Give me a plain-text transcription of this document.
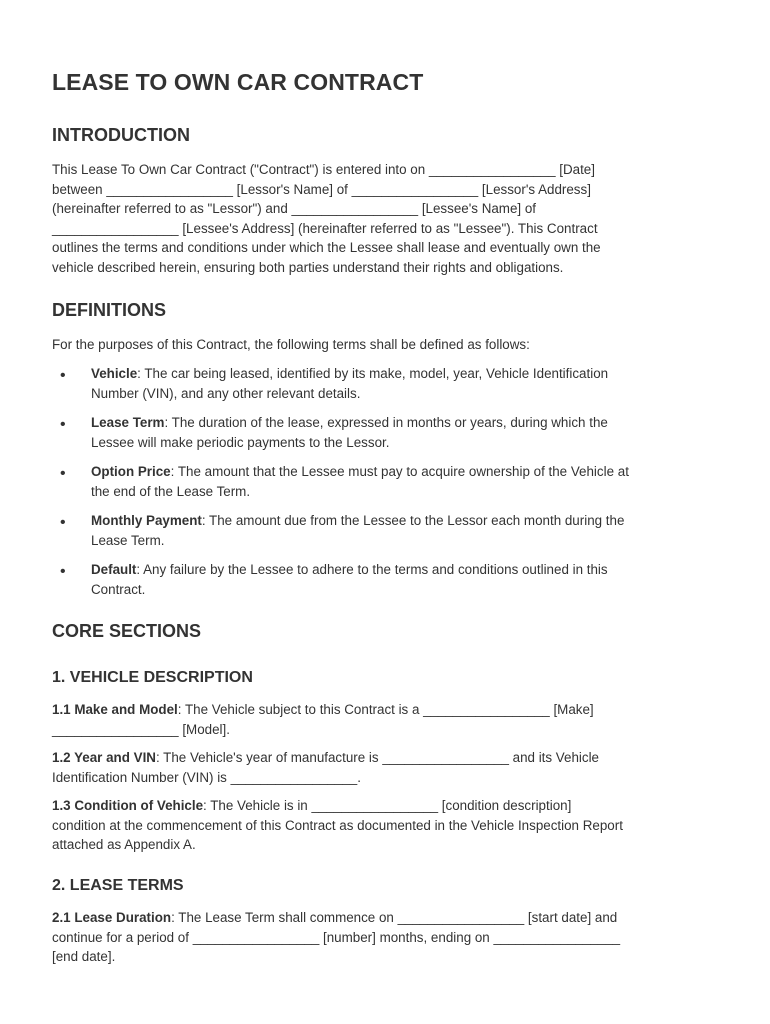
LEASE TO OWN CAR CONTRACT
INTRODUCTION

This Lease To Own Car Contract ("Contract") is entered into on _________________ [Date]
between _________________ [Lessor's Name] of _________________ [Lessor's Address]
(hereinafter referred to as "Lessor") and _________________ [Lessee's Name] of
_________________ [Lessee's Address] (hereinafter referred to as "Lessee"). This Contract
outlines the terms and conditions under which the Lessee shall lease and eventually own the
vehicle described herein, ensuring both parties understand their rights and obligations.

DEFINITIONS

For the purposes of this Contract, the following terms shall be defined as follows:

• Vehicle: The car being leased, identified by its make, model, year, Vehicle Identification
Number (VIN), and any other relevant details.
• Lease Term: The duration of the lease, expressed in months or years, during which the
Lessee will make periodic payments to the Lessor.
• Option Price: The amount that the Lessee must pay to acquire ownership of the Vehicle at
the end of the Lease Term.
• Monthly Payment: The amount due from the Lessee to the Lessor each month during the
Lease Term.
• Default: Any failure by the Lessee to adhere to the terms and conditions outlined in this
Contract.
CORE SECTIONS
1. VEHICLE DESCRIPTION

1.1 Make and Model: The Vehicle subject to this Contract is a _________________ [Make]
_________________ [Model].

1.2 Year and VIN: The Vehicle's year of manufacture is _________________ and its Vehicle
Identification Number (VIN) is _________________.

1.3 Condition of Vehicle: The Vehicle is in _________________ [condition description]
condition at the commencement of this Contract as documented in the Vehicle Inspection Report
attached as Appendix A.

2. LEASE TERMS

2.1 Lease Duration: The Lease Term shall commence on _________________ [start date] and
continue for a period of _________________ [number] months, ending on _________________
[end date].
